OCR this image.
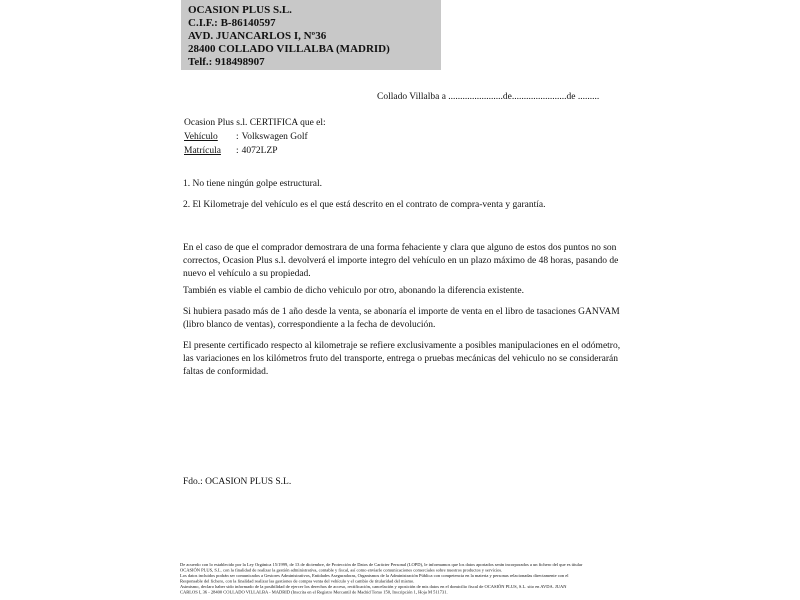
OCASION PLUS S.L.
C.I.F.: B-86140597
AVD. JUANCARLOS I, Nº36
28400 COLLADO VILLALBA (MADRID)
Telf.: 918498907
Collado Villalba a .......................de.......................de .........
Ocasion Plus s.l. CERTIFICA que el:
Vehículo : Volkswagen Golf
Matrícula : 4072LZP
1. No tiene ningún golpe estructural.
2. El Kilometraje del vehículo es el que está descrito en el contrato de compra-venta y garantía.
En el caso de que el comprador demostrara de una forma fehaciente y clara que alguno de estos dos puntos no son correctos, Ocasion Plus s.l. devolverá el importe integro del vehículo en un plazo máximo de 48 horas, pasando de nuevo el vehículo a su propiedad.
También es viable el cambio de dicho vehiculo por otro, abonando la diferencia existente.
Si hubiera pasado más de 1 año desde la venta, se abonaría el importe de venta en el libro de tasaciones GANVAM (libro blanco de ventas), correspondiente a la fecha de devolución.
El presente certificado respecto al kilometraje se refiere exclusivamente a posibles manipulaciones en el odómetro, las variaciones en los kilómetros fruto del transporte, entrega o pruebas mecánicas del vehiculo no se considerarán faltas de conformidad.
Fdo.: OCASION PLUS S.L.
De acuerdo con lo establecido por la Ley Orgánica 15/1999, de 13 de diciembre, de Protección de Datos de Carácter Personal (LOPD), le informamos que los datos aportados serán incorporados a un fichero del que es titular
OCASIÓN PLUS, S.L. con la finalidad de realizar la gestión administrativa, contable y fiscal, así como enviarle comunicaciones comerciales sobre nuestros productos y servicios.
Los datos incluidos podrán ser comunicados a Gestores Administrativos, Entidades Aseguradoras, Organismos de la Administración Pública con competencia en la materia y personas relacionadas directamente con el
Responsable del fichero, con la finalidad realizar las gestiones de compra venta del vehículo y el cambio de titularidad del mismo.
Asimismo, declaro haber sido informado de la posibilidad de ejercer los derechos de acceso, rectificación, cancelación y oposición de mis datos en el domicilio fiscal de OCASIÓN PLUS, S.L. sito en AVDA. JUAN
CARLOS I, 36 - 28400 COLLADO VILLALBA - MADRID (Inscrita en el Registro Mercantil de Madrid Tomo 150, Inscripción 1, Hoja M 511731.
